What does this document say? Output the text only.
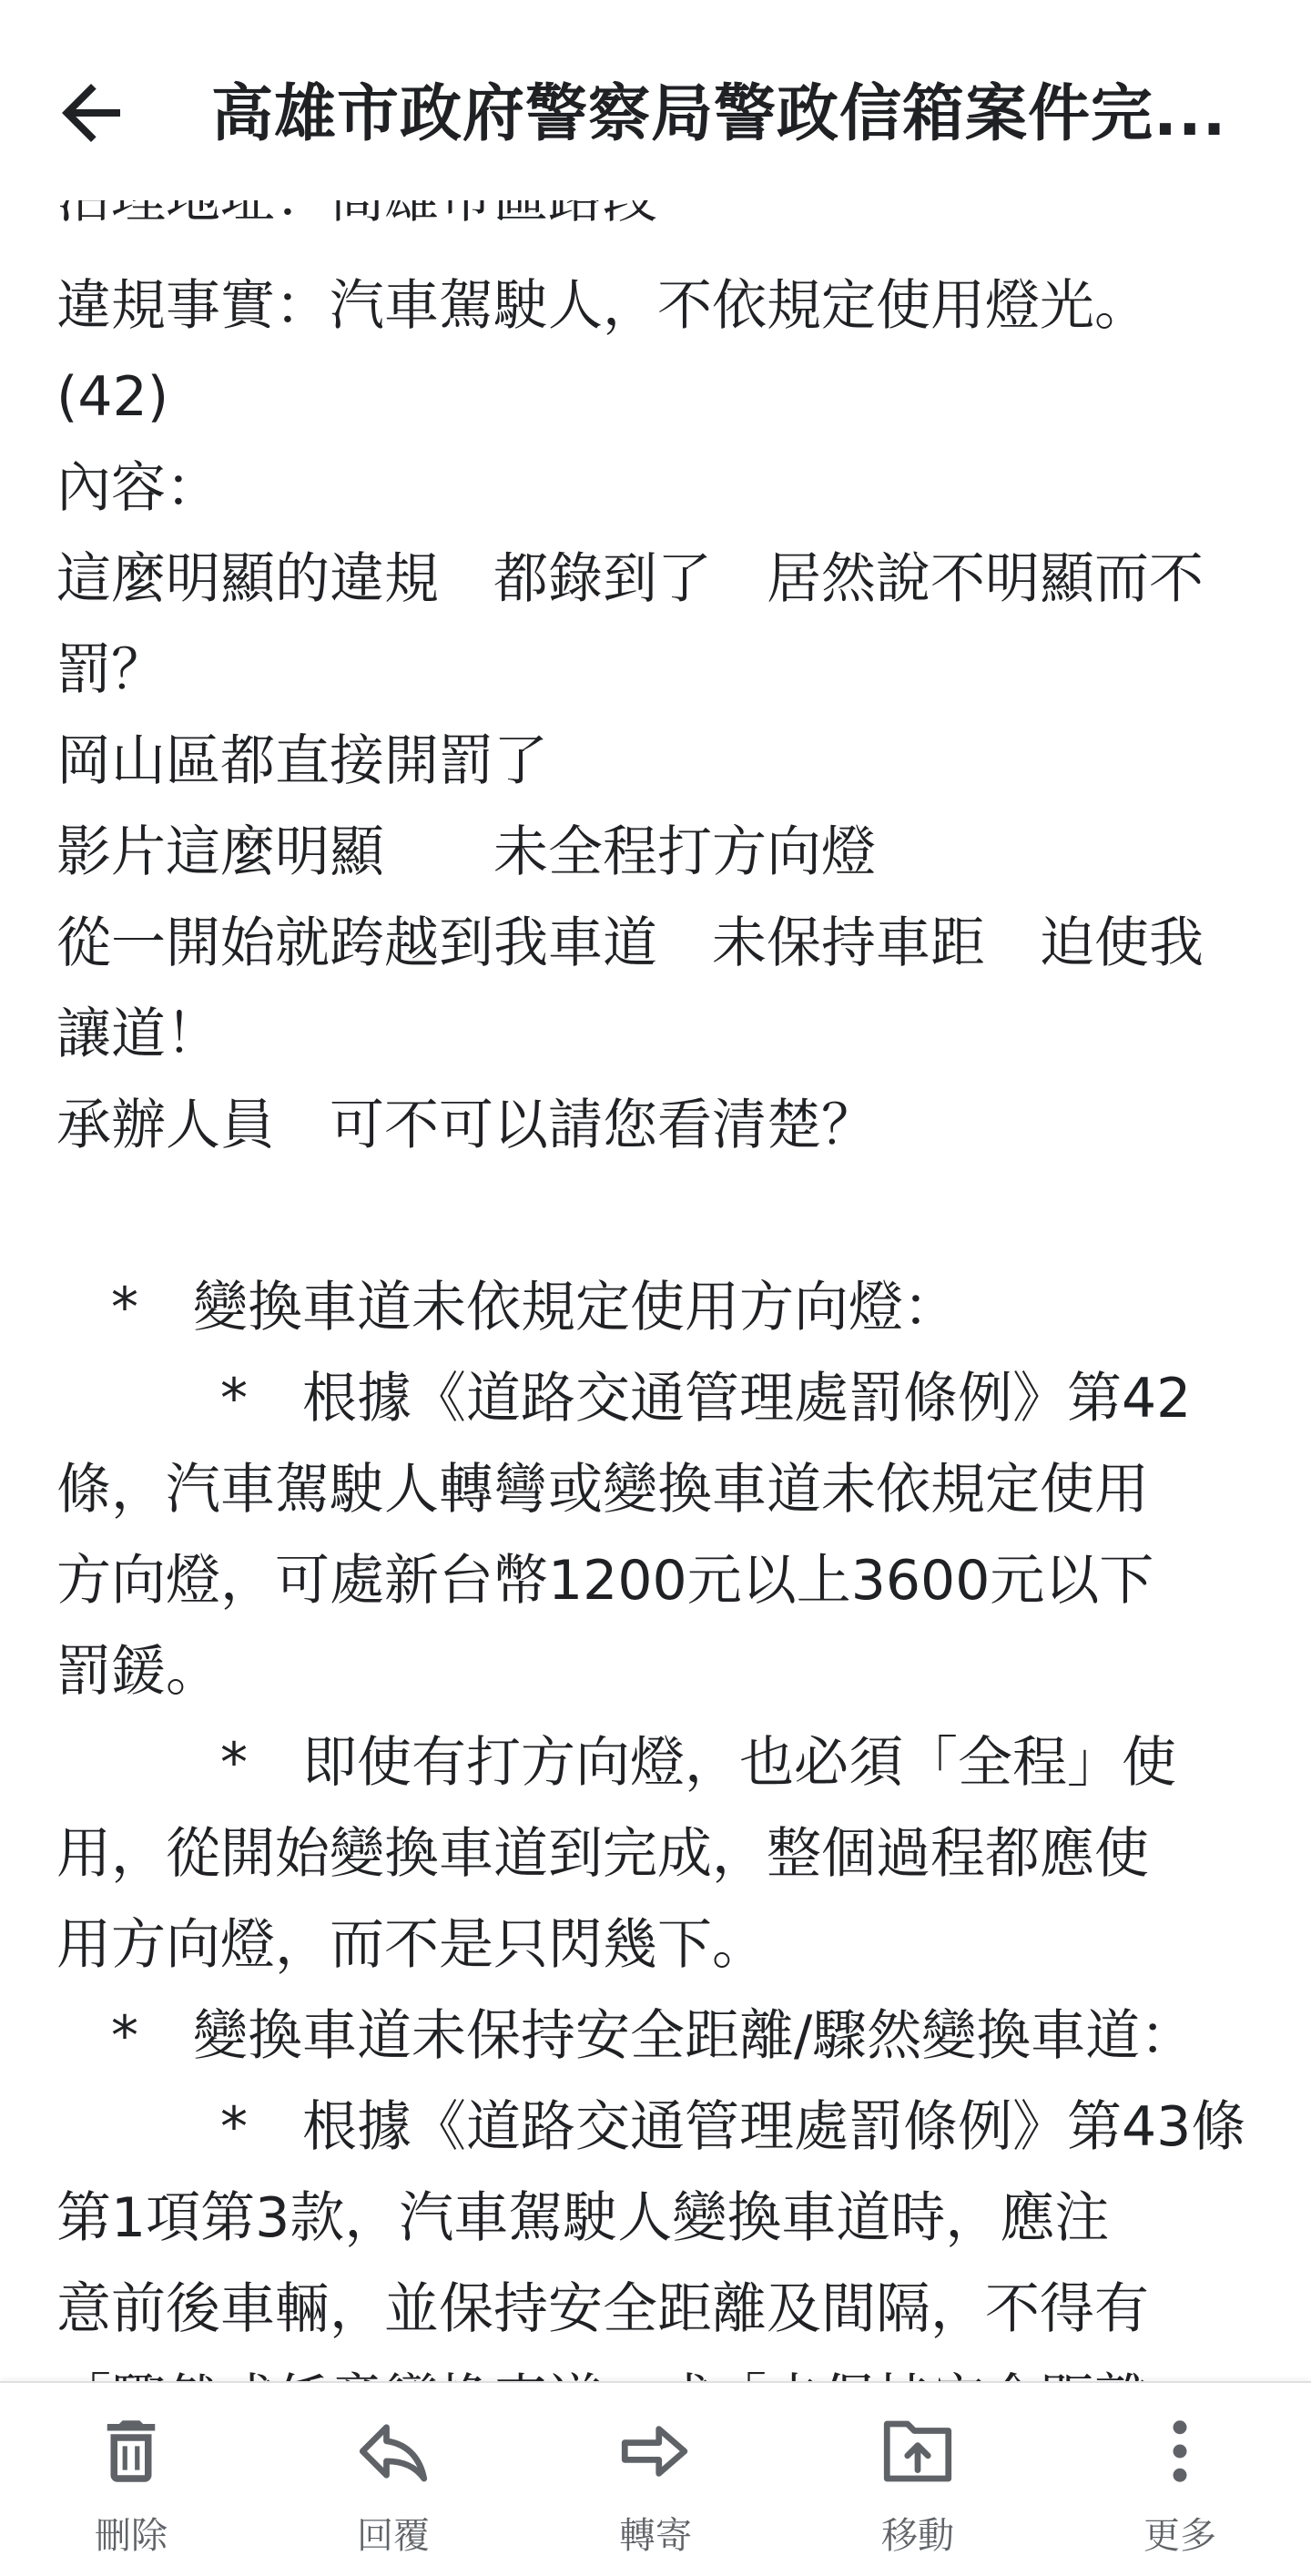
高雄市政府警察局警政信箱案件完...
違規事實：汽車駕駛人，不依規定使用燈光。
(42)
內容：
這麼明顯的違規　都錄到了　居然說不明顯而不
罰？
岡山區都直接開罰了
影片這麼明顯　　未全程打方向燈
從一開始就跨越到我車道　未保持車距　迫使我
讓道！
承辦人員　可不可以請您看清楚？

　*　變換車道未依規定使用方向燈：
　　　*　根據《道路交通管理處罰條例》第42
條，汽車駕駛人轉彎或變換車道未依規定使用
方向燈，可處新台幣1200元以上3600元以下
罰鍰。
　　　*　即使有打方向燈，也必須「全程」使
用，從開始變換車道到完成，整個過程都應使
用方向燈，而不是只閃幾下。
　*　變換車道未保持安全距離/驟然變換車道：
　　　*　根據《道路交通管理處罰條例》第43條
第1項第3款，汽車駕駛人變換車道時，應注
意前後車輛，並保持安全距離及間隔，不得有

刪除	回覆	轉寄	移動	更多
